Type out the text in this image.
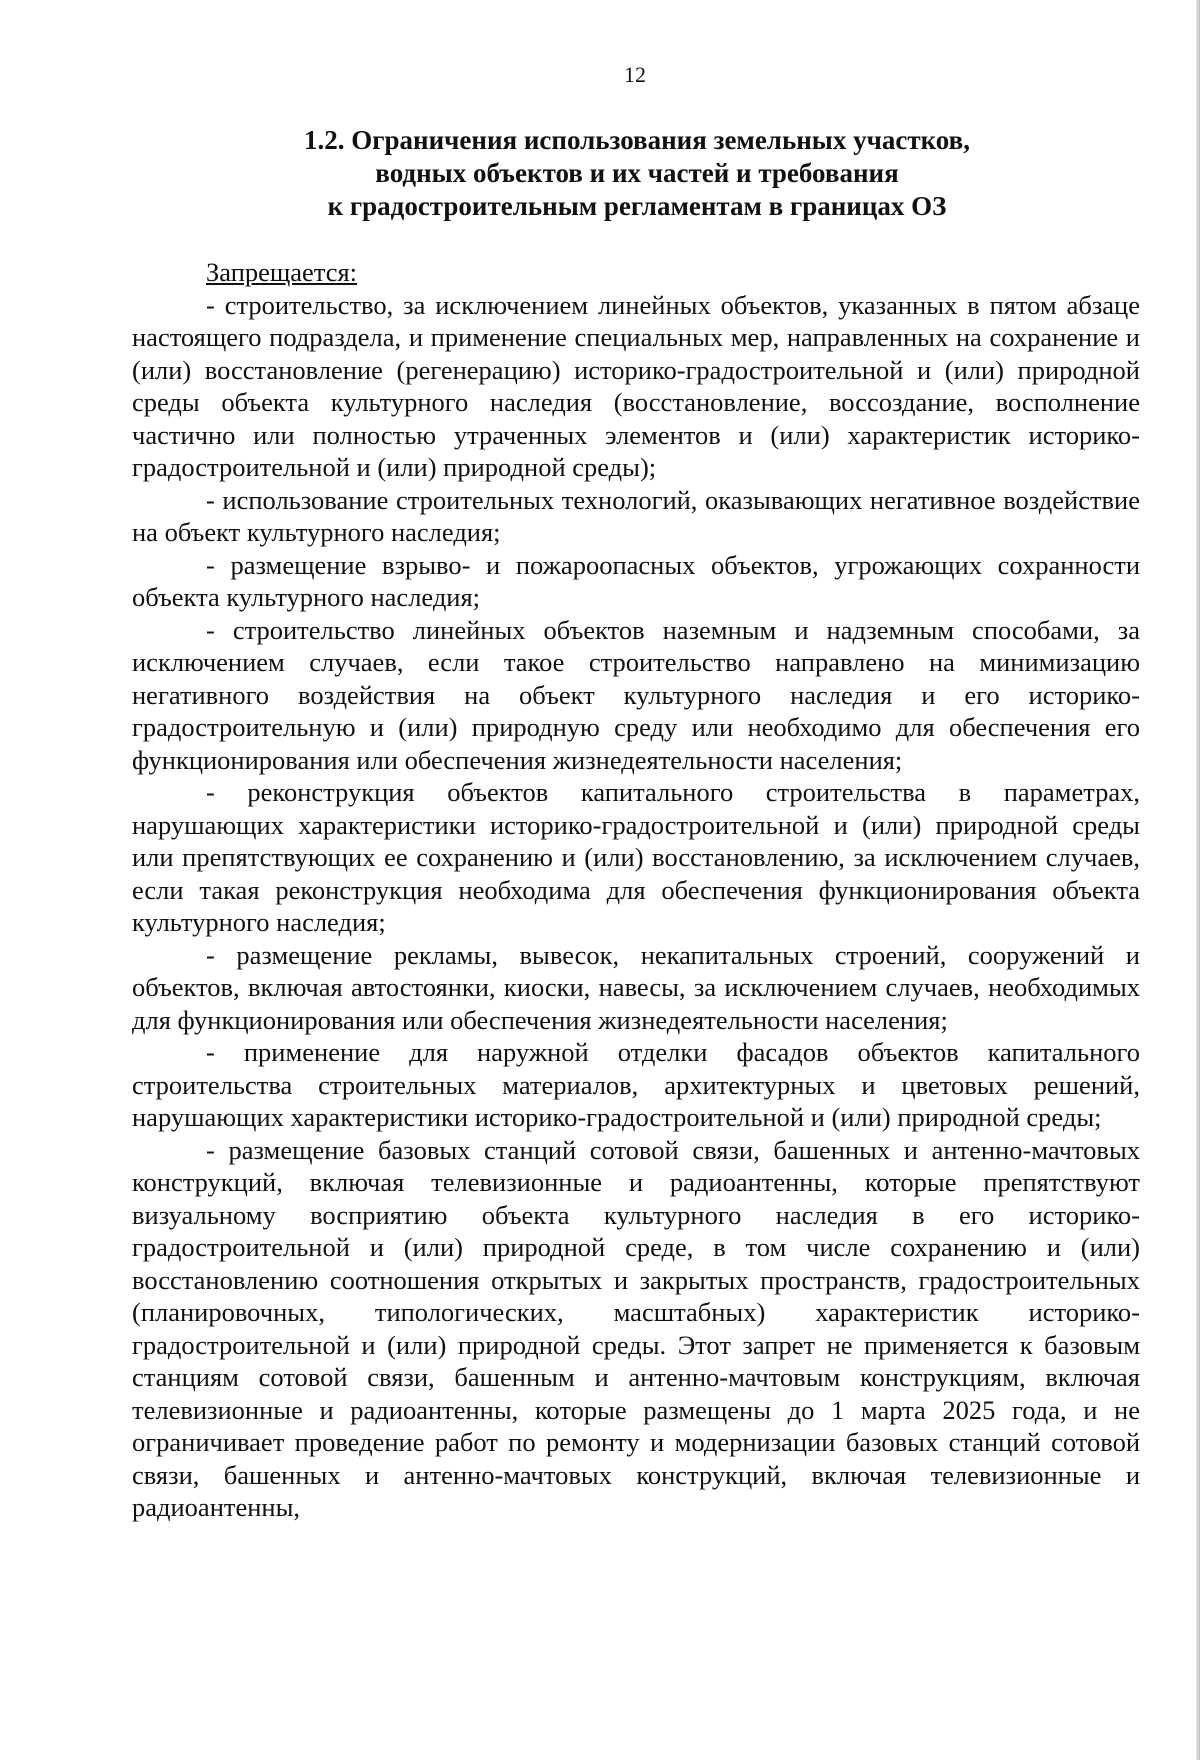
12
1.2. Ограничения использования земельных участков,
водных объектов и их частей и требования
к градостроительным регламентам в границах ОЗ

Запрещается:

- строительство, за исключением линейных объектов, указанных в пятом абзаце настоящего подраздела, и применение специальных мер, направленных на сохранение и (или) восстановление (регенерацию) историко-градостроительной и (или) природной среды объекта культурного наследия (восстановление, воссоздание, восполнение частично или полностью утраченных элементов и (или) характеристик историко-градостроительной и (или) природной среды);

- использование строительных технологий, оказывающих негативное воздействие на объект культурного наследия;

- размещение взрыво- и пожароопасных объектов, угрожающих сохранности объекта культурного наследия;

- строительство линейных объектов наземным и надземным способами, за исключением случаев, если такое строительство направлено на минимизацию негативного воздействия на объект культурного наследия и его историко-градостроительную и (или) природную среду или необходимо для обеспечения его функционирования или обеспечения жизнедеятельности населения;

- реконструкция объектов капитального строительства в параметрах, нарушающих характеристики историко-градостроительной и (или) природной среды или препятствующих ее сохранению и (или) восстановлению, за исключением случаев, если такая реконструкция необходима для обеспечения функционирования объекта культурного наследия;

- размещение рекламы, вывесок, некапитальных строений, сооружений и объектов, включая автостоянки, киоски, навесы, за исключением случаев, необходимых для функционирования или обеспечения жизнедеятельности населения;

- применение для наружной отделки фасадов объектов капитального строительства строительных материалов, архитектурных и цветовых решений, нарушающих характеристики историко-градостроительной и (или) природной среды;

- размещение базовых станций сотовой связи, башенных и антенно-мачтовых конструкций, включая телевизионные и радиоантенны, которые препятствуют визуальному восприятию объекта культурного наследия в его историко-градостроительной и (или) природной среде, в том числе сохранению и (или) восстановлению соотношения открытых и закрытых пространств, градостроительных (планировочных, типологических, масштабных) характеристик историко-градостроительной и (или) природной среды. Этот запрет не применяется к базовым станциям сотовой связи, башенным и антенно-мачтовым конструкциям, включая телевизионные и радиоантенны, которые размещены до 1 марта 2025 года, и не ограничивает проведение работ по ремонту и модернизации базовых станций сотовой связи, башенных и антенно-мачтовых конструкций, включая телевизионные и радиоантенны,
